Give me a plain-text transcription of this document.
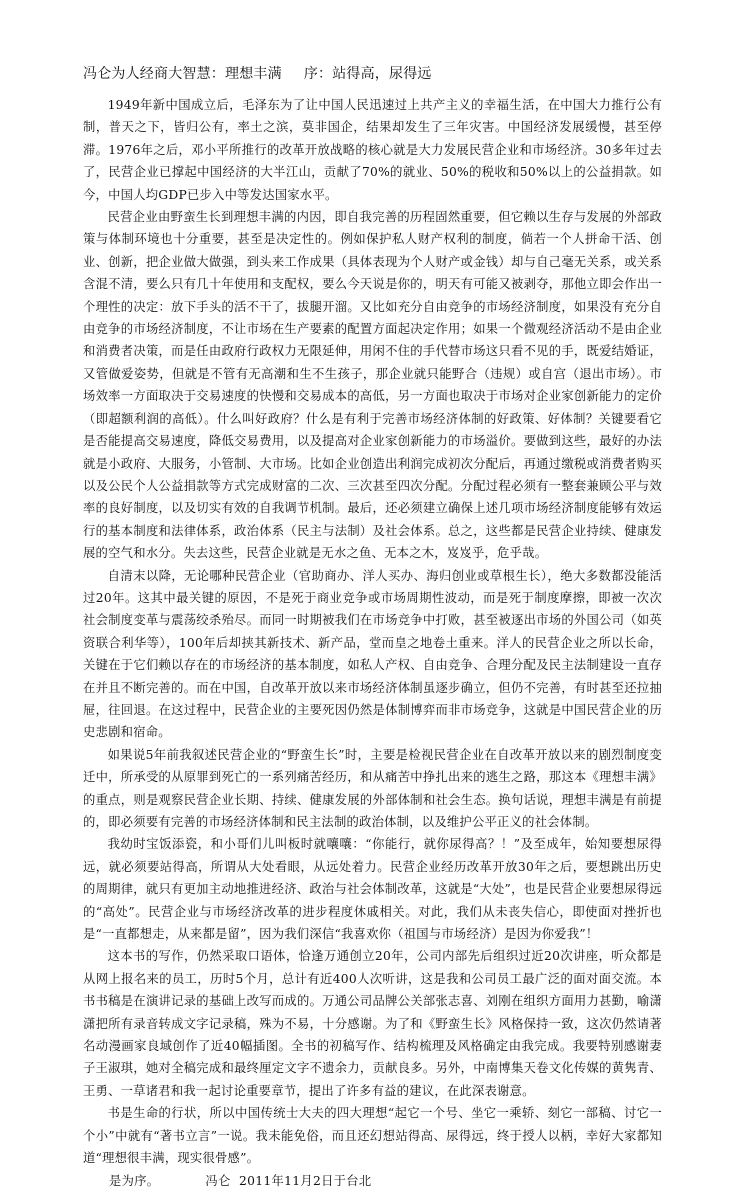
冯仑为人经商大智慧：理想丰满 序：站得高，尿得远

1949年新中国成立后，毛泽东为了让中国人民迅速过上共产主义的幸福生活，在中国大力推行公有制，普天之下，皆归公有，率土之滨，莫非国企，结果却发生了三年灾害。中国经济发展缓慢，甚至停滞。1976年之后，邓小平所推行的改革开放战略的核心就是大力发展民营企业和市场经济。30多年过去了，民营企业已撑起中国经济的大半江山，贡献了70%的就业、50%的税收和50%以上的公益捐款。如今，中国人均GDP已步入中等发达国家水平。

民营企业由野蛮生长到理想丰满的内因，即自我完善的历程固然重要，但它赖以生存与发展的外部政策与体制环境也十分重要，甚至是决定性的。例如保护私人财产权利的制度，倘若一个人拼命干活、创业、创新，把企业做大做强，到头来工作成果（具体表现为个人财产或金钱）却与自己毫无关系，或关系含混不清，要么只有几十年使用和支配权，要么今天说是你的，明天有可能又被剥夺，那他立即会作出一个理性的决定：放下手头的活不干了，拔腿开溜。又比如充分自由竞争的市场经济制度，如果没有充分自由竞争的市场经济制度，不让市场在生产要素的配置方面起决定作用；如果一个微观经济活动不是由企业和消费者决策，而是任由政府行政权力无限延伸，用闲不住的手代替市场这只看不见的手，既爱结婚证，又管做爱姿势，但就是不管有无高潮和生不生孩子，那企业就只能野合（违规）或自宫（退出市场）。市场效率一方面取决于交易速度的快慢和交易成本的高低，另一方面也取决于市场对企业家创新能力的定价（即超额利润的高低）。什么叫好政府？什么是有利于完善市场经济体制的好政策、好体制？关键要看它是否能提高交易速度，降低交易费用，以及提高对企业家创新能力的市场溢价。要做到这些，最好的办法就是小政府、大服务，小管制、大市场。比如企业创造出利润完成初次分配后，再通过缴税或消费者购买以及公民个人公益捐款等方式完成财富的二次、三次甚至四次分配。分配过程必须有一整套兼顾公平与效率的良好制度，以及切实有效的自我调节机制。最后，还必须建立确保上述几项市场经济制度能够有效运行的基本制度和法律体系，政治体系（民主与法制）及社会体系。总之，这些都是民营企业持续、健康发展的空气和水分。失去这些，民营企业就是无水之鱼、无本之木，岌岌乎，危乎哉。

自清末以降，无论哪种民营企业（官助商办、洋人买办、海归创业或草根生长），绝大多数都没能活过20年。这其中最关键的原因，不是死于商业竞争或市场周期性波动，而是死于制度摩擦，即被一次次社会制度变革与震荡绞杀殆尽。而同一时期被我们在市场竞争中打败，甚至被逐出市场的外国公司（如英资联合利华等），100年后却挟其新技术、新产品，堂而皇之地卷土重来。洋人的民营企业之所以长命，关键在于它们赖以存在的市场经济的基本制度，如私人产权、自由竞争、合理分配及民主法制建设一直存在并且不断完善的。而在中国，自改革开放以来市场经济体制虽逐步确立，但仍不完善，有时甚至还拉抽屉，往回退。在这过程中，民营企业的主要死因仍然是体制博弈而非市场竞争，这就是中国民营企业的历史悲剧和宿命。

如果说5年前我叙述民营企业的“野蛮生长”时，主要是检视民营企业在自改革开放以来的剧烈制度变迁中，所承受的从原罪到死亡的一系列痛苦经历，和从痛苦中挣扎出来的逃生之路，那这本《理想丰满》的重点，则是观察民营企业长期、持续、健康发展的外部体制和社会生态。换句话说，理想丰满是有前提的，即必须要有完善的市场经济体制和民主法制的政治体制，以及维护公平正义的社会体制。

我幼时宝饭添瓷，和小哥们儿叫板时就嚷嚷：“你能行，就你尿得高？！”及至成年，始知要想尿得远，就必须要站得高，所谓从大处看眼，从远处着力。民营企业经历改革开放30年之后，要想跳出历史的周期律，就只有更加主动地推进经济、政治与社会体制改革，这就是“大处”，也是民营企业要想尿得远的“高处”。民营企业与市场经济改革的进步程度休戚相关。对此，我们从未丧失信心，即使面对挫折也是“一直都想走，从来都是留”，因为我们深信“我喜欢你（祖国与市场经济）是因为你爱我”！

这本书的写作，仍然采取口语体，恰逢万通创立20年，公司内部先后组织过近20次讲座，听众都是从网上报名来的员工，历时5个月，总计有近400人次听讲，这是我和公司员工最广泛的面对面交流。本书书稿是在演讲记录的基础上改写而成的。万通公司品牌公关部张志喜、刘刚在组织方面用力甚勤，喻潇潇把所有录音转成文字记录稿，殊为不易，十分感谢。为了和《野蛮生长》风格保持一致，这次仍然请著名动漫画家良域创作了近40幅插图。全书的初稿写作、结构梳理及风格确定由我完成。我要特别感谢妻子王淑琪，她对全稿完成和最终厘定文字不遗余力，贡献良多。另外，中南博集天卷文化传媒的黄隽青、王勇、一草诸君和我一起讨论重要章节，提出了许多有益的建议，在此深表谢意。

书是生命的行状，所以中国传统士大夫的四大理想“起它一个号、坐它一乘轿、刻它一部稿、讨它一个小”中就有“著书立言”一说。我未能免俗，而且还幻想站得高、尿得远，终于授人以柄，幸好大家都知道“理想很丰满，现实很骨感”。

是为序。	冯仑 2011年11月2日于台北
